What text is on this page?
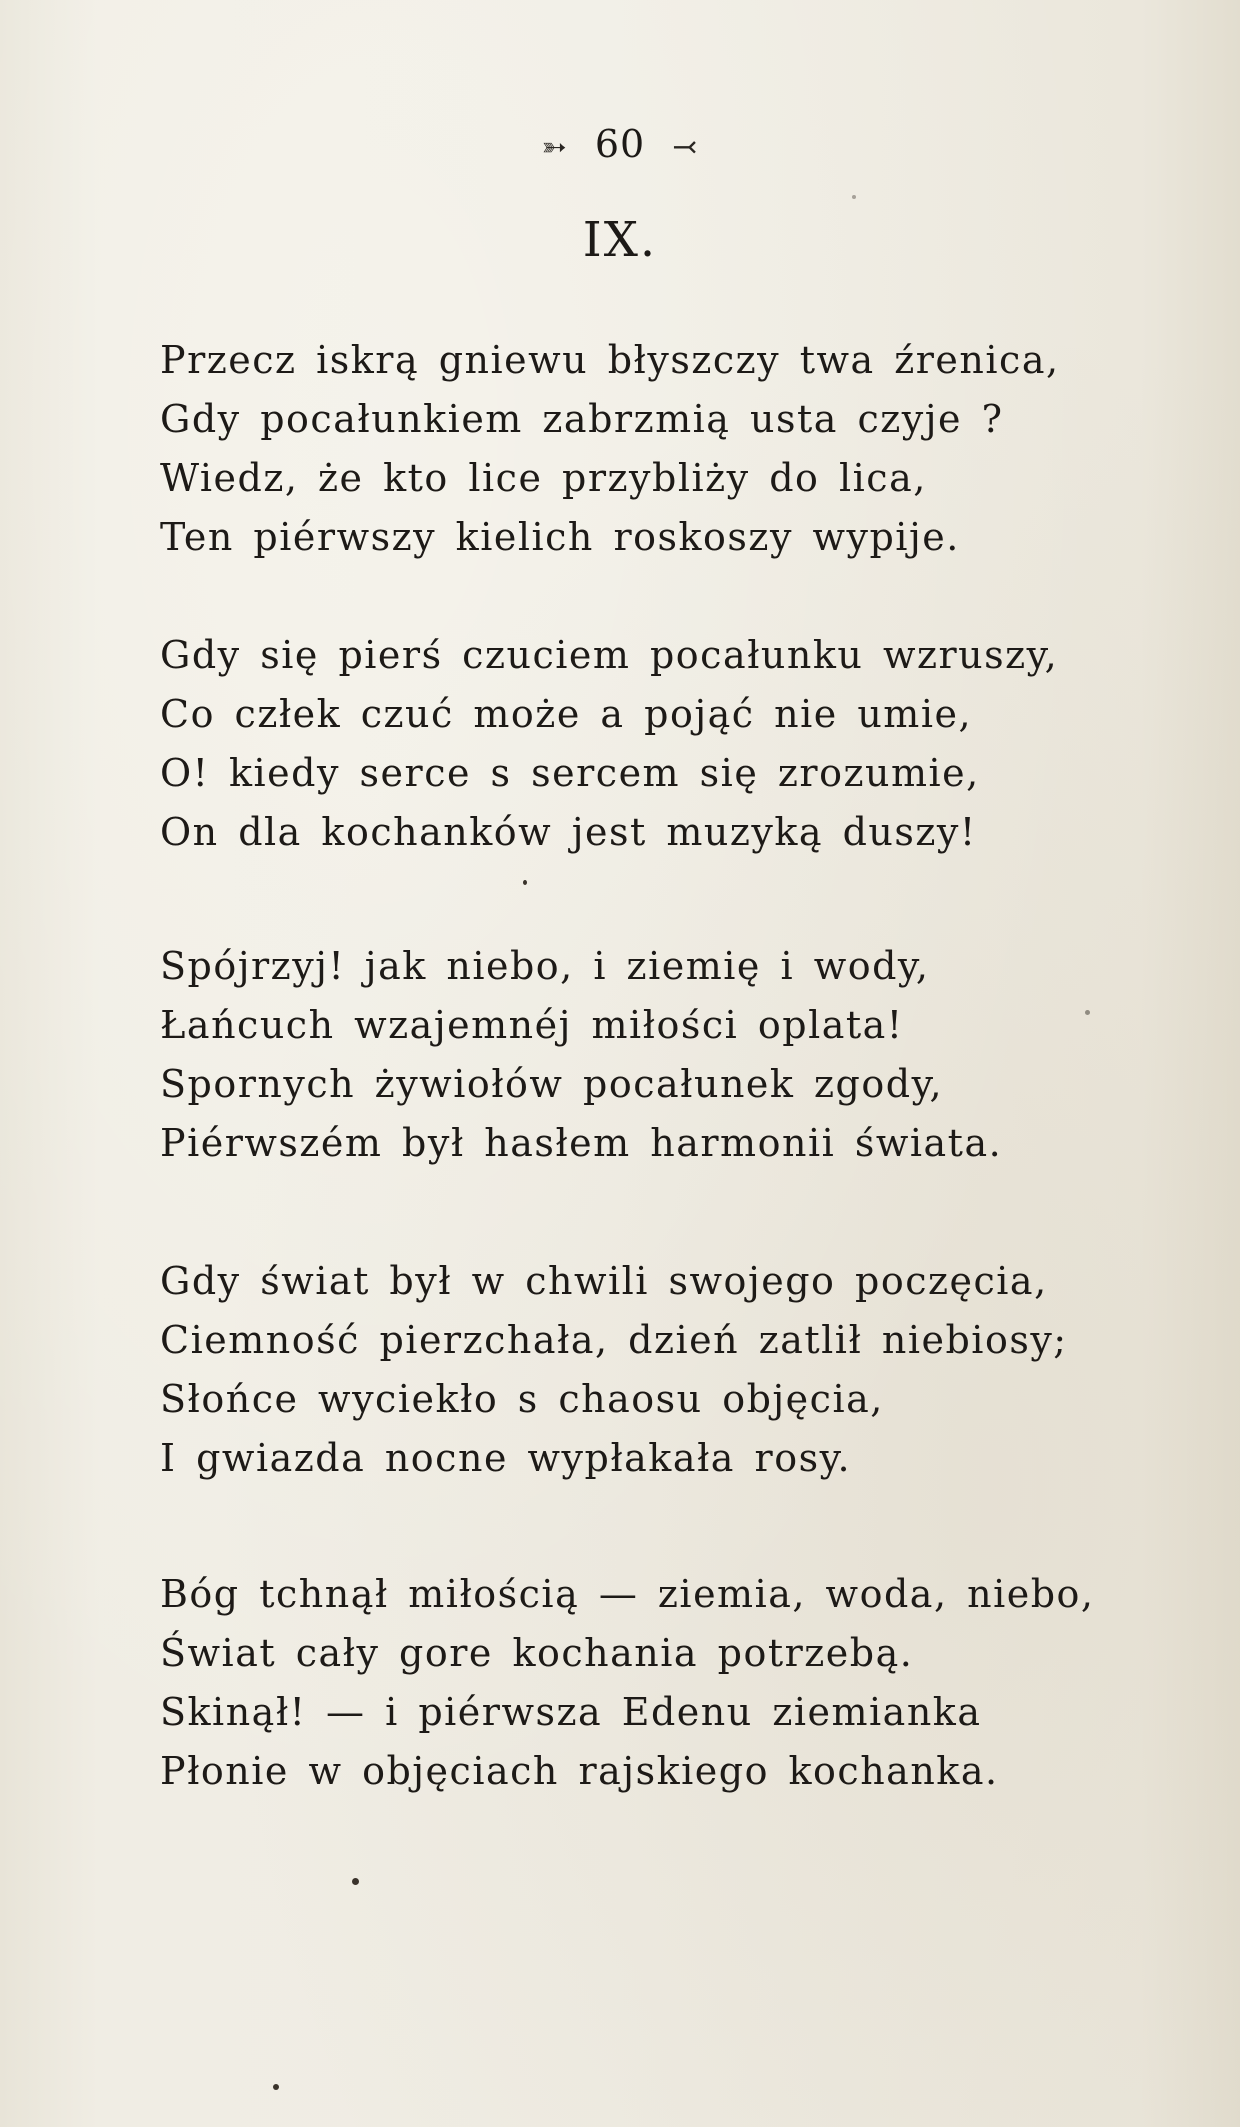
➳ 60 ⤙
IX.
Przecz iskrą gniewu błyszczy twa źrenica,
Gdy pocałunkiem zabrzmią usta czyje ?
Wiedz, że kto lice przybliży do lica,
Ten piérwszy kielich roskoszy wypije.
Gdy się pierś czuciem pocałunku wzruszy,
Co człek czuć może a pojąć nie umie,
O! kiedy serce s sercem się zrozumie,
On dla kochanków jest muzyką duszy!
Spójrzyj! jak niebo, i ziemię i wody,
Łańcuch wzajemnéj miłości oplata!
Spornych żywiołów pocałunek zgody,
Piérwszém był hasłem harmonii świata.
Gdy świat był w chwili swojego poczęcia,
Ciemność pierzchała, dzień zatlił niebiosy;
Słońce wyciekło s chaosu objęcia,
I gwiazda nocne wypłakała rosy.
Bóg tchnął miłością — ziemia, woda, niebo,
Świat cały gore kochania potrzebą.
Skinął! — i piérwsza Edenu ziemianka
Płonie w objęciach rajskiego kochanka.
